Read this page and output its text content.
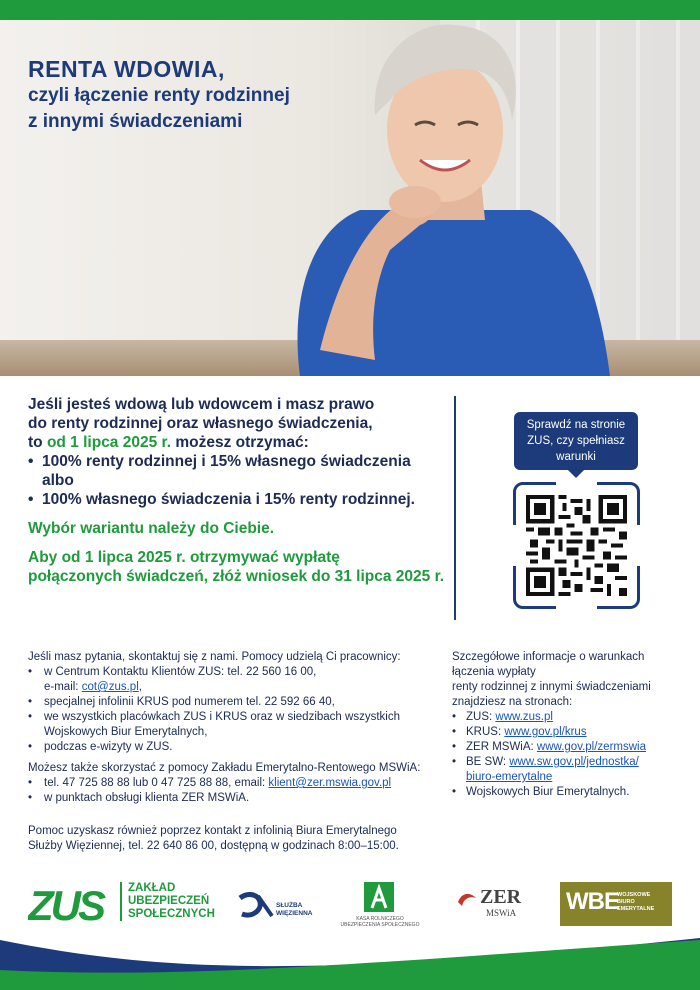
RENTA WDOWIA,
czyli łączenie renty rodzinnej
z innymi świadczeniami

Jeśli jesteś wdową lub wdowcem i masz prawo

do renty rodzinnej oraz własnego świadczenia,

to od 1 lipca 2025 r. możesz otrzymać:

• 100% renty rodzinnej i 15% własnego świadczenia
albo
• 100% własnego świadczenia i 15% renty rodzinnej.

Wybór wariantu należy do Ciebie.

Aby od 1 lipca 2025 r. otrzymywać wypłatę

połączonych świadczeń, złóż wniosek do 31 lipca 2025 r.

Sprawdź na stronie
ZUS, czy spełniasz
warunki

Jeśli masz pytania, skontaktuj się z nami. Pomocy udzielą Ci pracownicy:

• w Centrum Kontaktu Klientów ZUS: tel. 22 560 16 00,
e-mail: cot@zus.pl,
• specjalnej infolinii KRUS pod numerem tel. 22 592 66 40,
• we wszystkich placówkach ZUS i KRUS oraz w siedzibach wszystkich
Wojskowych Biur Emerytalnych,
• podczas e-wizyty w ZUS.

Możesz także skorzystać z pomocy Zakładu Emerytalno-Rentowego MSWiA:

• tel. 47 725 88 88 lub 0 47 725 88 88, email: klient@zer.mswia.gov.pl
• w punktach obsługi klienta ZER MSWiA.

Pomoc uzyskasz również poprzez kontakt z infolinią Biura Emerytalnego

Służby Więziennej, tel. 22 640 86 00, dostępną w godzinach 8:00–15:00.

Szczegółowe informacje o warunkach

łączenia wypłaty

renty rodzinnej z innymi świadczeniami

znajdziesz na stronach:

• ZUS: www.zus.pl
• KRUS: www.gov.pl/krus
• ZER MSWiA: www.gov.pl/zermswia
• BE SW: www.sw.gov.pl/jednostka/
biuro-emerytalne
• Wojskowych Biur Emerytalnych.
ZUS ZAKŁAD
UBEZPIECZEŃ
SPOŁECZNYCH
SŁUŻBA
WIĘZIENNA
KASA ROLNICZEGO
UBEZPIECZENIA SPOŁECZNEGO
ZER
MSWiA WBE
WOJSKOWE
BIURO
EMERYTALNE
